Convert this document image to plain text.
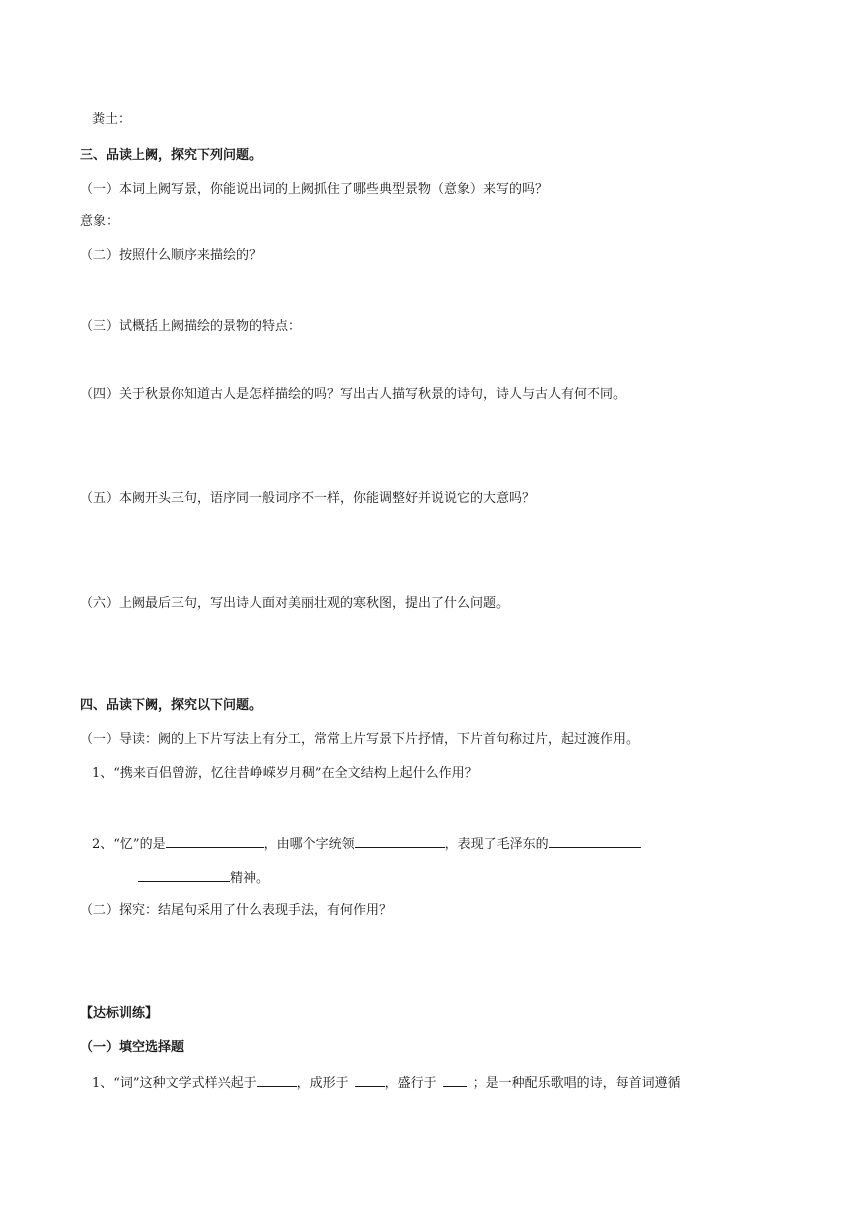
粪土：
三、品读上阙，探究下列问题。
（一）本词上阙写景，你能说出词的上阙抓住了哪些典型景物（意象）来写的吗？
意象：
（二）按照什么顺序来描绘的？
（三）试概括上阙描绘的景物的特点：
（四）关于秋景你知道古人是怎样描绘的吗？写出古人描写秋景的诗句，诗人与古人有何不同。
（五）本阙开头三句，语序同一般词序不一样，你能调整好并说说它的大意吗？
（六）上阙最后三句，写出诗人面对美丽壮观的寒秋图，提出了什么问题。
四、品读下阙，探究以下问题。
（一）导读：阙的上下片写法上有分工，常常上片写景下片抒情，下片首句称过片，起过渡作用。
1、“携来百侣曾游，忆往昔峥嵘岁月稠”在全文结构上起什么作用？
2、“忆”的是	，由哪个字统领	，表现了毛泽东的
精神。
（二）探究：结尾句采用了什么表现手法，有何作用？
【达标训练】
（一）填空选择题
1、“词”这种文学式样兴起于	，成形于	，盛行于	；是一种配乐歌唱的诗，每首词遵循
